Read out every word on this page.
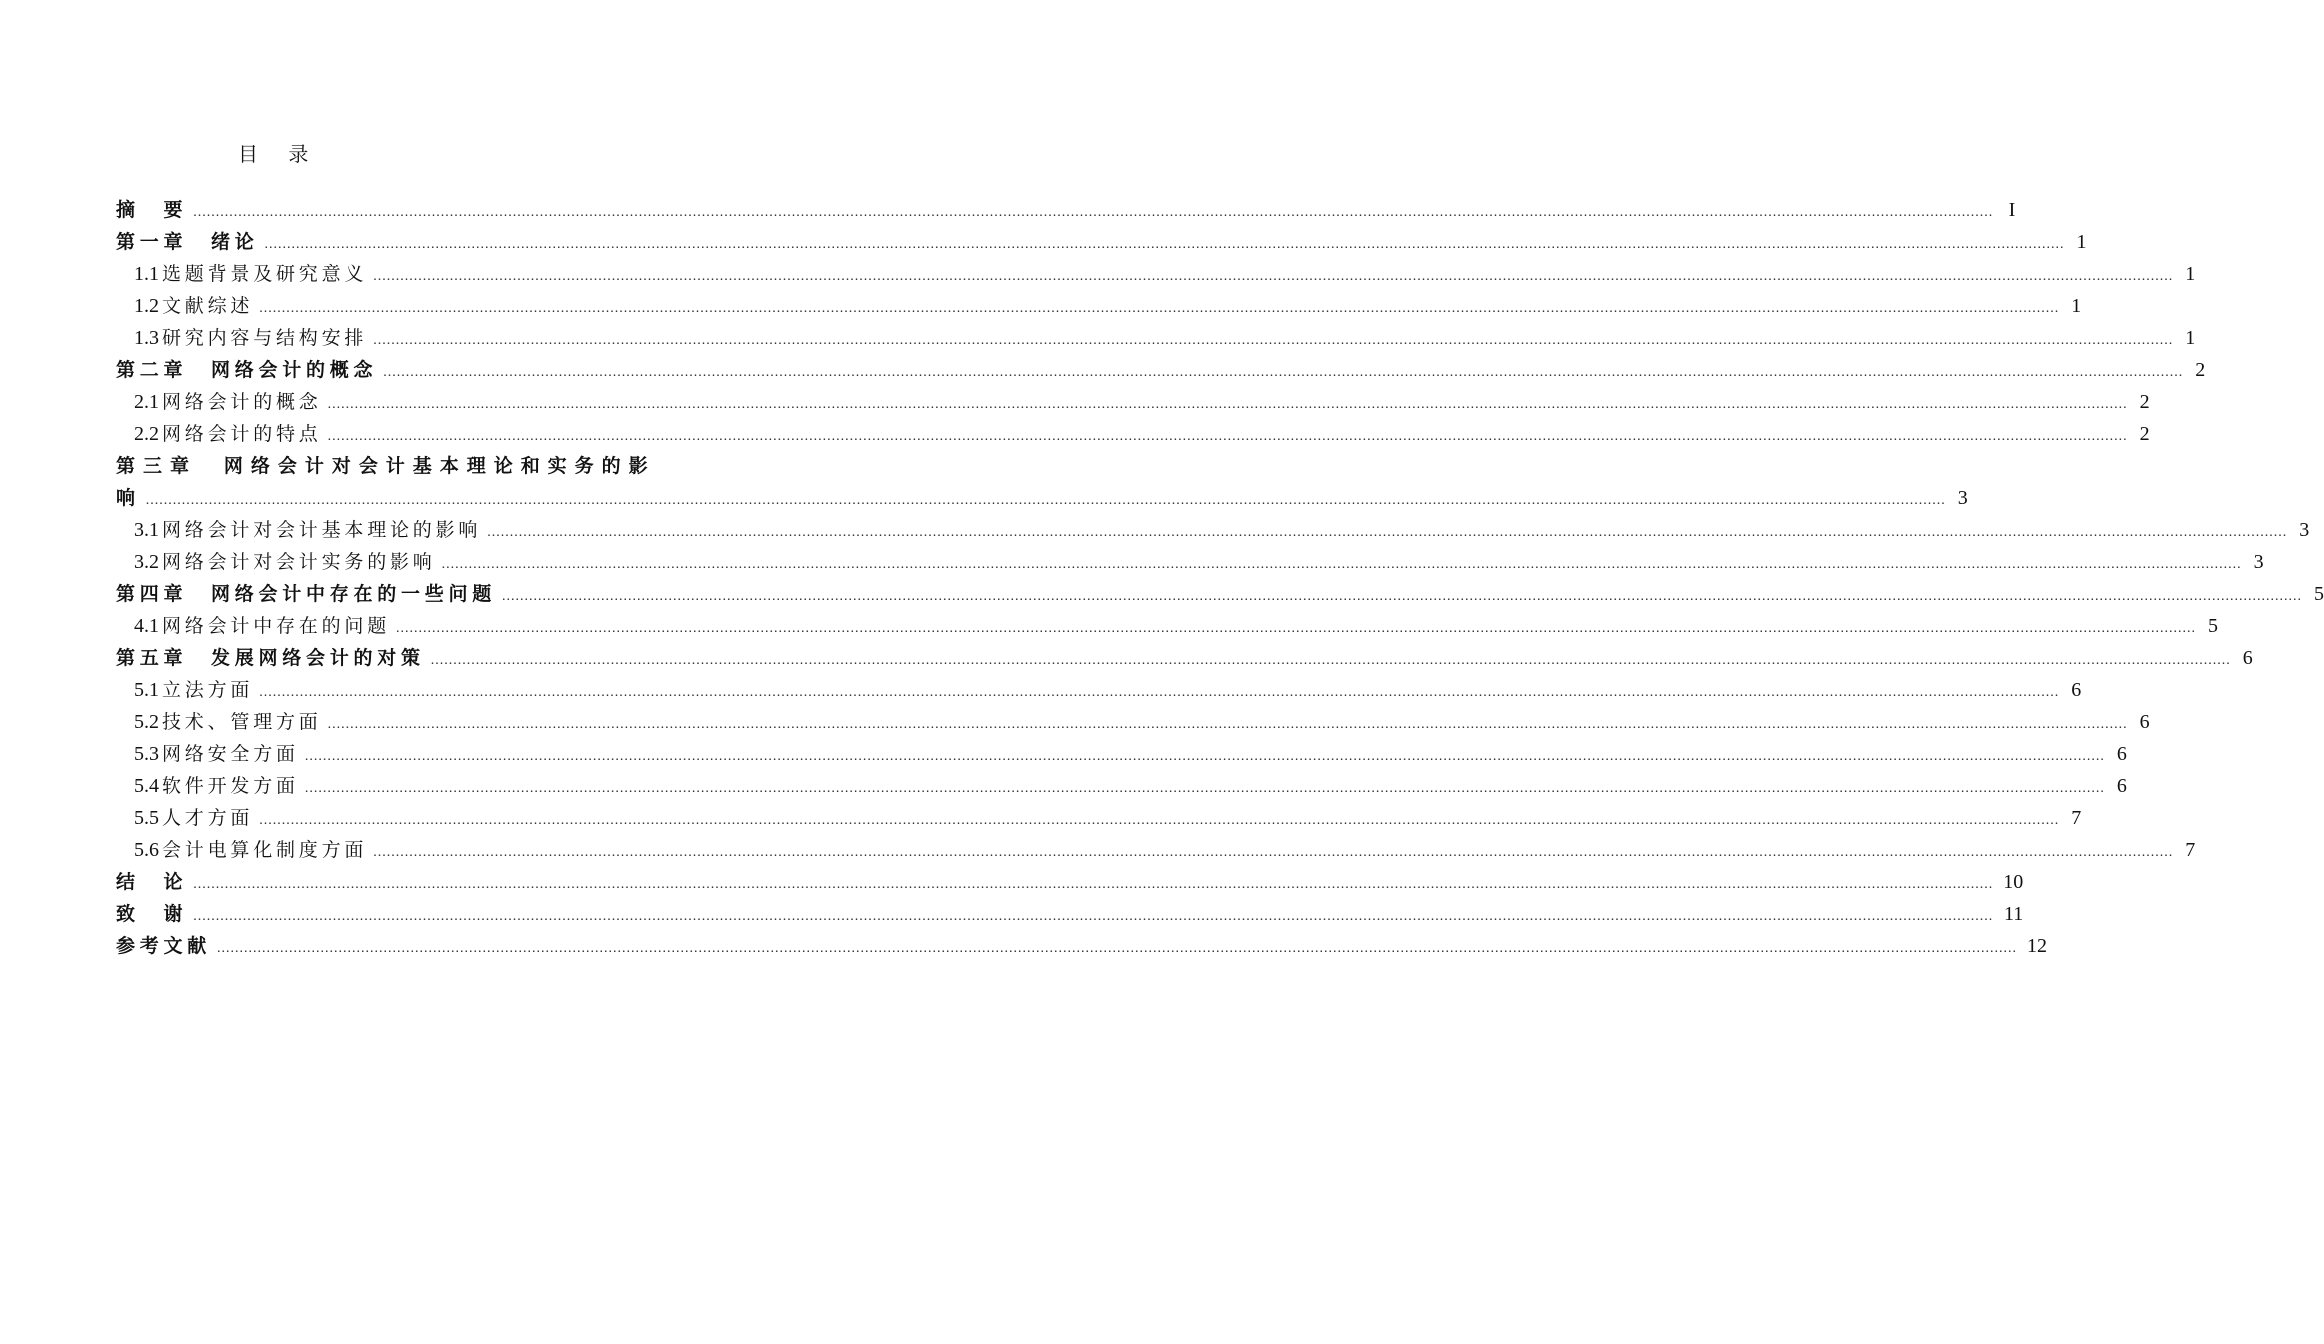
目 录
摘　要 ................................................................................................................................................................................................................................................................................................................................................................................................................ I
第一章　绪论 ................................................................................................................................................................................................................................................................................................................................................................................................................ 1
1.1 选题背景及研究意义 ................................................................................................................................................................................................................................................................................................................................................................................................................ 1
1.2 文献综述 ................................................................................................................................................................................................................................................................................................................................................................................................................ 1
1.3 研究内容与结构安排 ................................................................................................................................................................................................................................................................................................................................................................................................................ 1
第二章　网络会计的概念 ................................................................................................................................................................................................................................................................................................................................................................................................................ 2
2.1 网络会计的概念 ................................................................................................................................................................................................................................................................................................................................................................................................................ 2
2.2 网络会计的特点 ................................................................................................................................................................................................................................................................................................................................................................................................................ 2
第三章　网络会计对会计基本理论和实务的影
响 ................................................................................................................................................................................................................................................................................................................................................................................................................ 3
3.1 网络会计对会计基本理论的影响 ................................................................................................................................................................................................................................................................................................................................................................................................................ 3
3.2 网络会计对会计实务的影响 ................................................................................................................................................................................................................................................................................................................................................................................................................ 3
第四章　网络会计中存在的一些问题 ................................................................................................................................................................................................................................................................................................................................................................................................................ 5
4.1 网络会计中存在的问题 ................................................................................................................................................................................................................................................................................................................................................................................................................ 5
第五章　发展网络会计的对策 ................................................................................................................................................................................................................................................................................................................................................................................................................ 6
5.1 立法方面 ................................................................................................................................................................................................................................................................................................................................................................................................................ 6
5.2 技术、管理方面 ................................................................................................................................................................................................................................................................................................................................................................................................................ 6
5.3 网络安全方面 ................................................................................................................................................................................................................................................................................................................................................................................................................ 6
5.4 软件开发方面 ................................................................................................................................................................................................................................................................................................................................................................................................................ 6
5.5 人才方面 ................................................................................................................................................................................................................................................................................................................................................................................................................ 7
5.6 会计电算化制度方面 ................................................................................................................................................................................................................................................................................................................................................................................................................ 7
结　论 ................................................................................................................................................................................................................................................................................................................................................................................................................ 10
致　谢 ................................................................................................................................................................................................................................................................................................................................................................................................................ 11
参考文献 ................................................................................................................................................................................................................................................................................................................................................................................................................ 12
